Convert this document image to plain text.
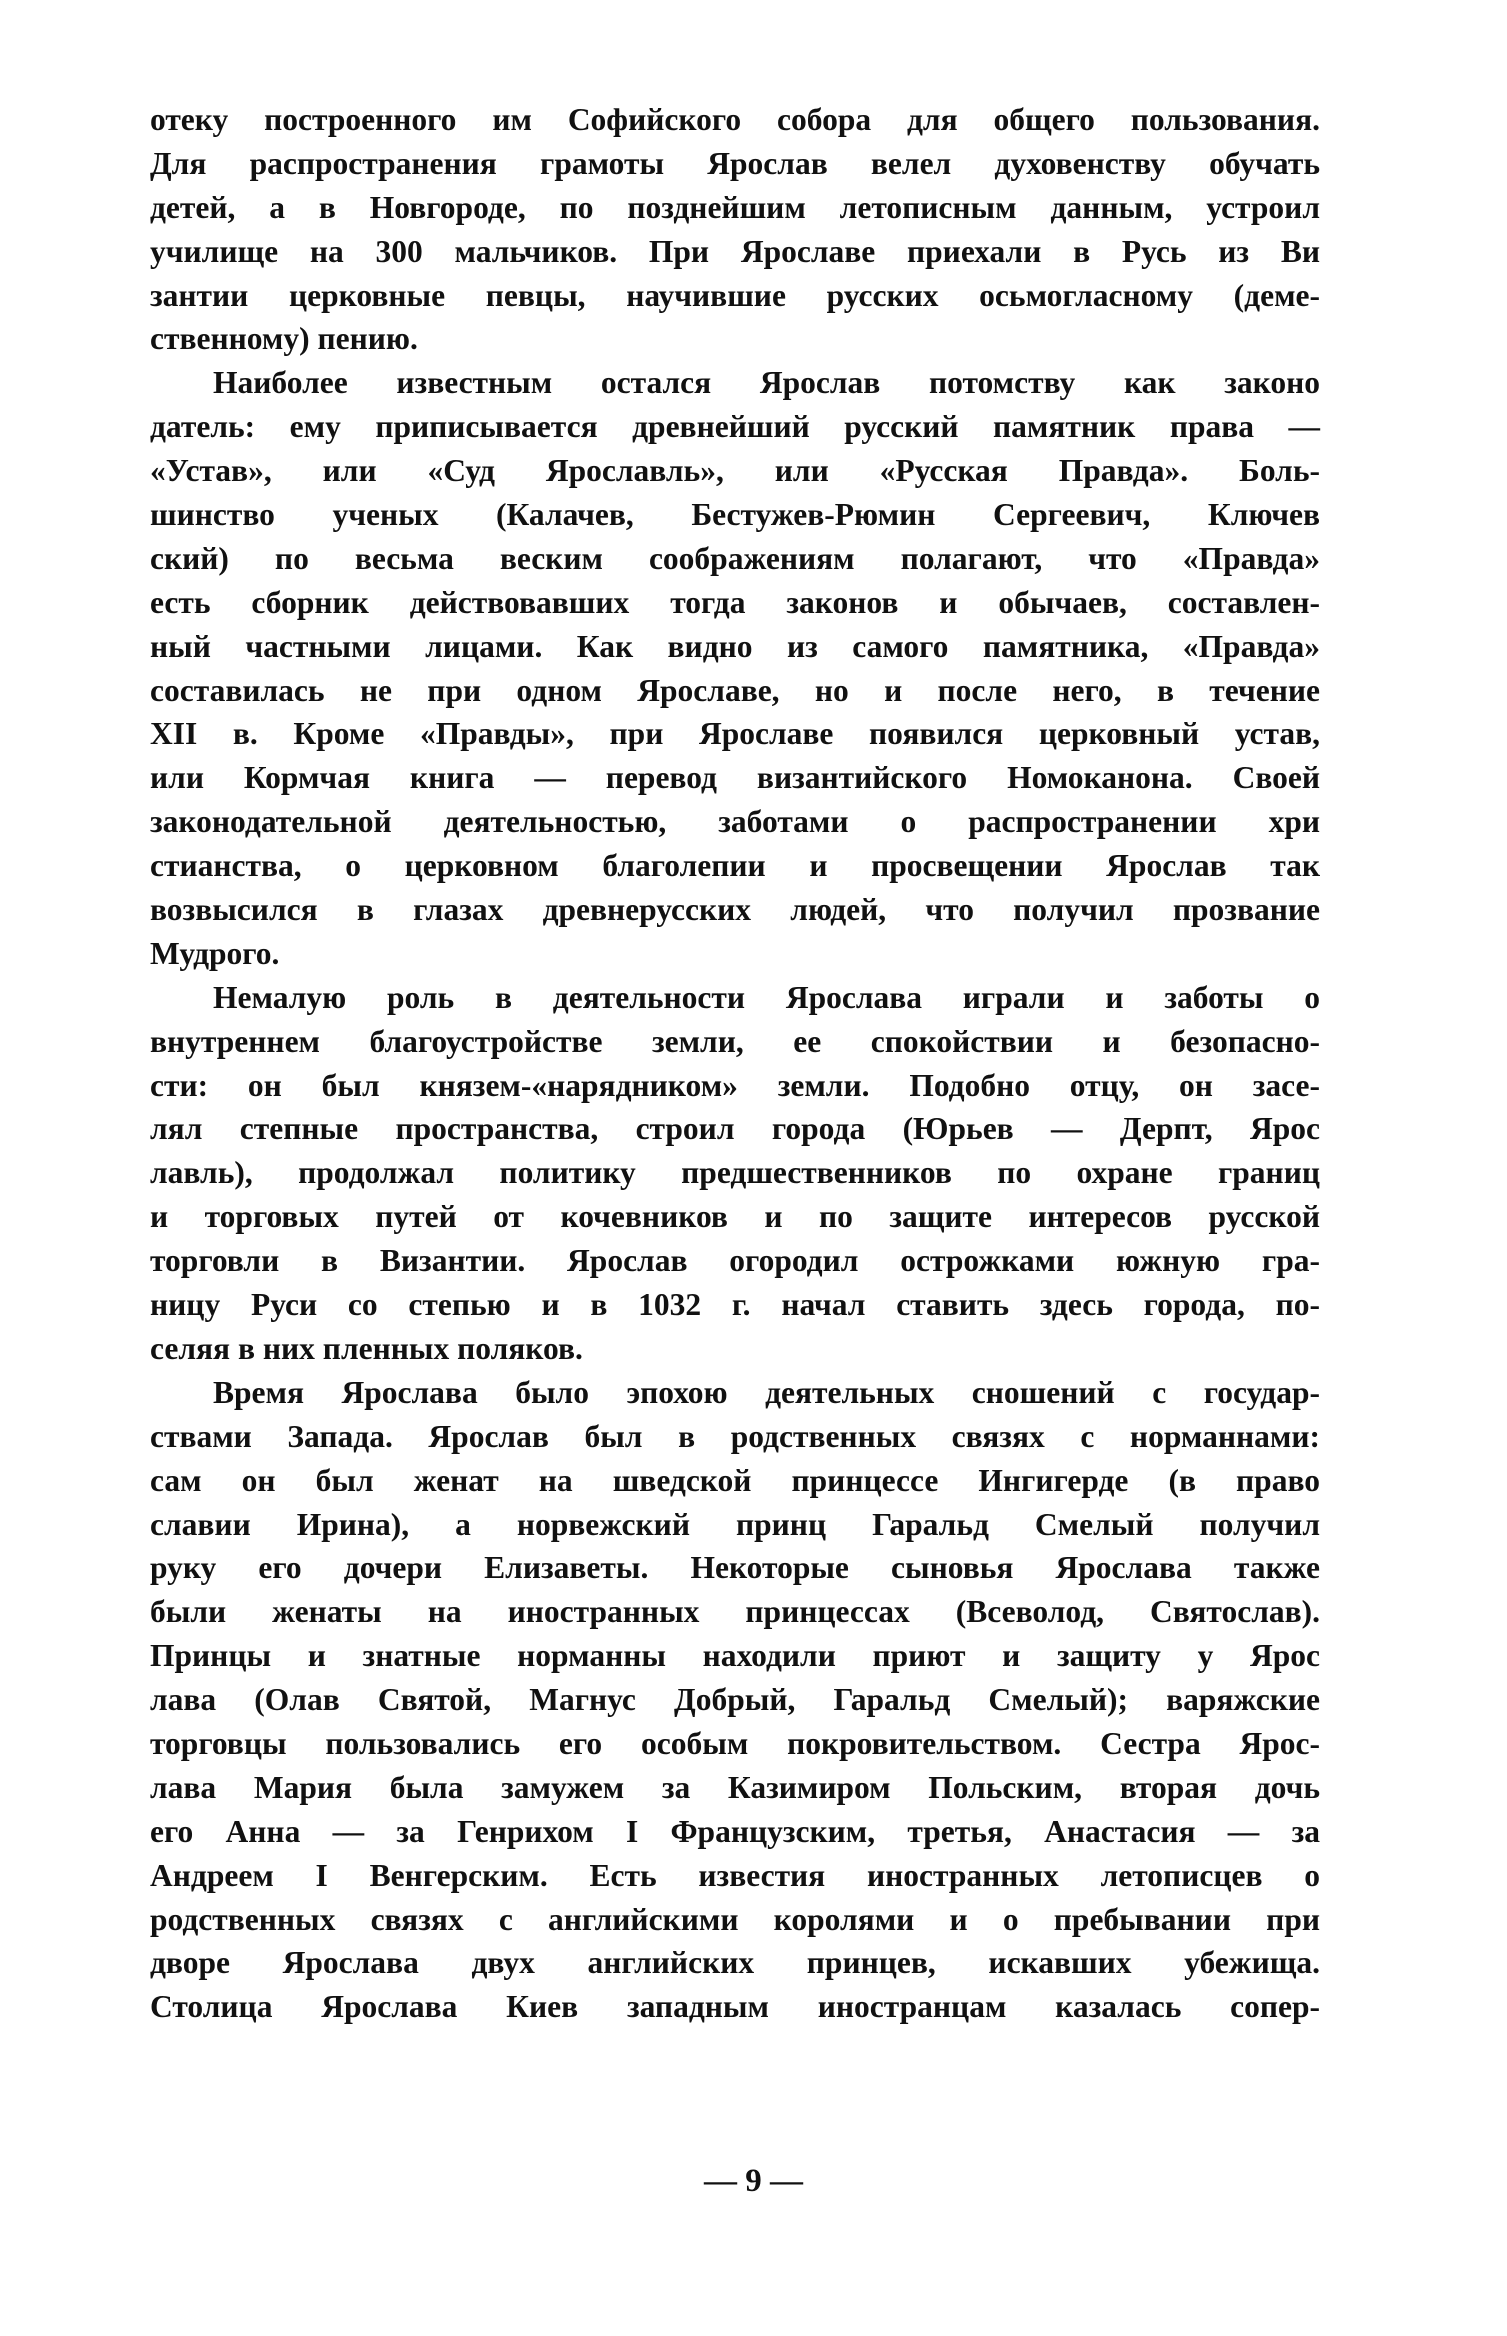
отеку построенного им Софийского собора для общего пользования.
Для распространения грамоты Ярослав велел духовенству обучать
детей, а в Новгороде, по позднейшим летописным данным, устроил
училище на 300 мальчиков. При Ярославе приехали в Русь из Ви
зантии церковные певцы, научившие русских осьмогласному (деме-
ственному) пению.
Наиболее известным остался Ярослав потомству как законо
датель: ему приписывается древнейший русский памятник права —
«Устав», или «Суд Ярославль», или «Русская Правда». Боль-
шинство ученых (Калачев, Бестужев-Рюмин Сергеевич, Ключев
ский) по весьма веским соображениям полагают, что «Правда»
есть сборник действовавших тогда законов и обычаев, составлен-
ный частными лицами. Как видно из самого памятника, «Правда»
составилась не при одном Ярославе, но и после него, в течение
XII в. Кроме «Правды», при Ярославе появился церковный устав,
или Кормчая книга — перевод византийского Номоканона. Своей
законодательной деятельностью, заботами о распространении хри
стианства, о церковном благолепии и просвещении Ярослав так
возвысился в глазах древнерусских людей, что получил прозвание
Мудрого.
Немалую роль в деятельности Ярослава играли и заботы о
внутреннем благоустройстве земли, ее спокойствии и безопасно-
сти: он был князем-«нарядником» земли. Подобно отцу, он засе-
лял степные пространства, строил города (Юрьев — Дерпт, Ярос
лавль), продолжал политику предшественников по охране границ
и торговых путей от кочевников и по защите интересов русской
торговли в Византии. Ярослав огородил острожками южную гра-
ницу Руси со степью и в 1032 г. начал ставить здесь города, по-
селяя в них пленных поляков.
Время Ярослава было эпохою деятельных сношений с государ-
ствами Запада. Ярослав был в родственных связях с норманнами:
сам он был женат на шведской принцессе Ингигерде (в право
славии Ирина), а норвежский принц Гаральд Смелый получил
руку его дочери Елизаветы. Некоторые сыновья Ярослава также
были женаты на иностранных принцессах (Всеволод, Святослав).
Принцы и знатные норманны находили приют и защиту у Ярос
лава (Олав Святой, Магнус Добрый, Гаральд Смелый); варяжские
торговцы пользовались его особым покровительством. Сестра Ярос-
лава Мария была замужем за Казимиром Польским, вторая дочь
его Анна — за Генрихом I Французским, третья, Анастасия — за
Андреем I Венгерским. Есть известия иностранных летописцев о
родственных связях с английскими королями и о пребывании при
дворе Ярослава двух английских принцев, искавших убежища.
Столица Ярослава Киев западным иностранцам казалась сопер-
— 9 —
